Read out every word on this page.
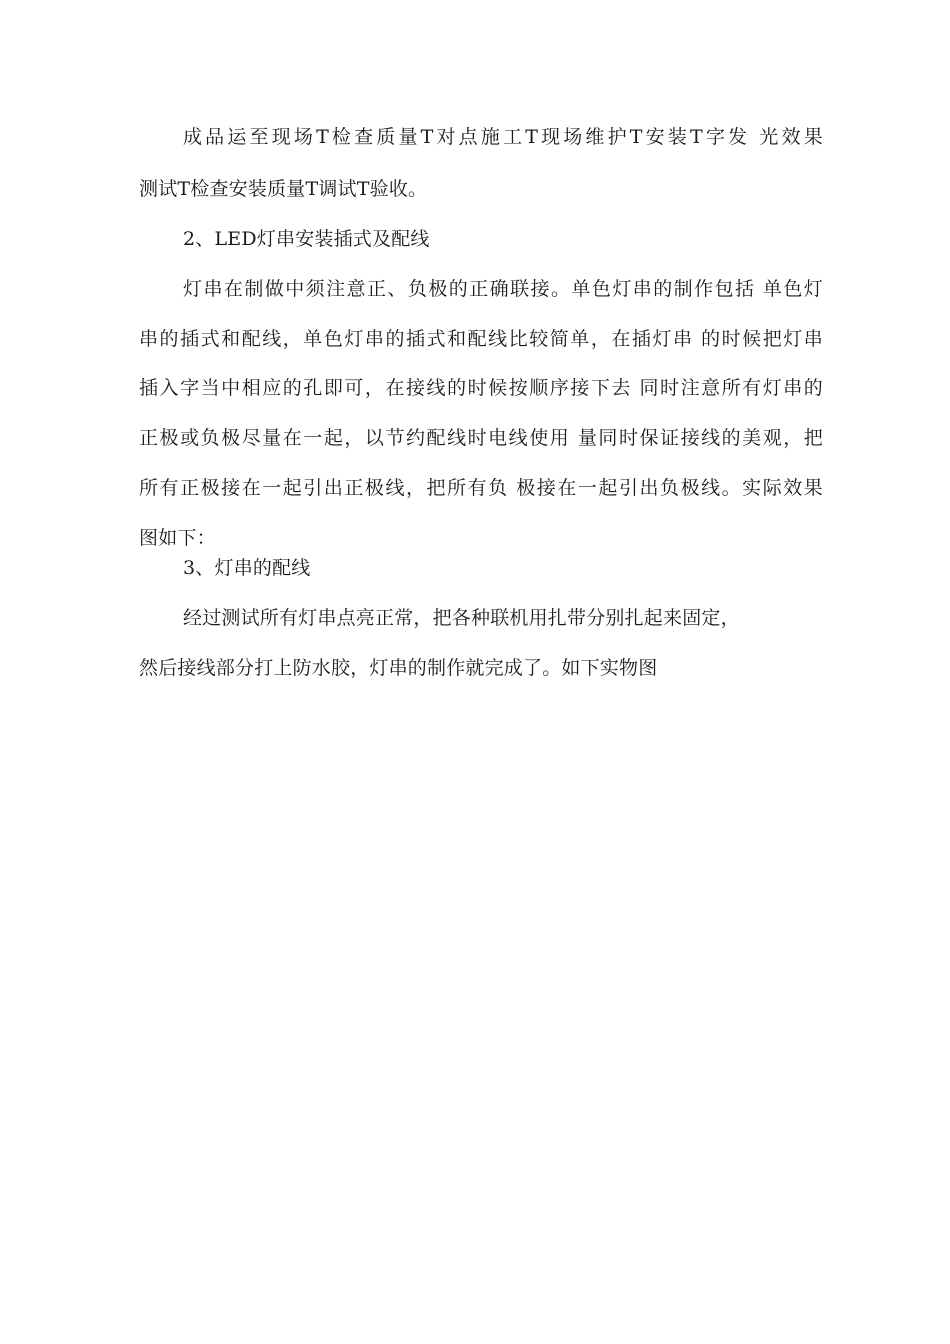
成品运至现场T检查质量T对点施工T现场维护T安装T字发 光效果
测试T检查安装质量T调试T验收。
2、LED灯串安装插式及配线
灯串在制做中须注意正、负极的正确联接。单色灯串的制作包括 单色灯
串的插式和配线，单色灯串的插式和配线比较简单，在插灯串 的时候把灯串
插入字当中相应的孔即可，在接线的时候按顺序接下去 同时注意所有灯串的
正极或负极尽量在一起，以节约配线时电线使用 量同时保证接线的美观，把
所有正极接在一起引出正极线，把所有负 极接在一起引出负极线。实际效果
图如下：
3、灯串的配线
经过测试所有灯串点亮正常，把各种联机用扎带分别扎起来固定，
然后接线部分打上防水胶，灯串的制作就完成了。如下实物图
